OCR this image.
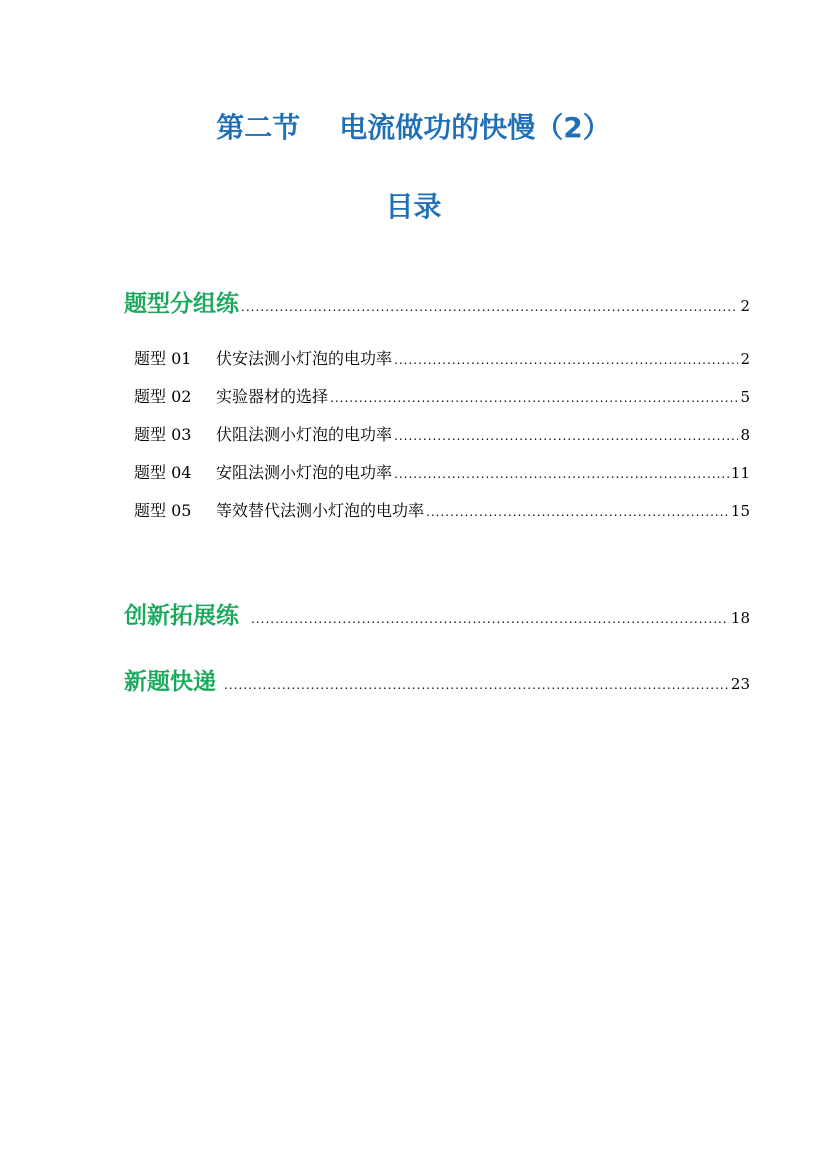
第二节    电流做功的快慢（2）
目录
题型分组练 .....	2
题型 01	伏安法测小灯泡的电功率 .....	2
题型 02	实验器材的选择 .....	5
题型 03	伏阻法测小灯泡的电功率 .....	8
题型 04	安阻法测小灯泡的电功率 .....	11
题型 05	等效替代法测小灯泡的电功率 .....	15
创新拓展练 .....	18
新题快递 .....	23
